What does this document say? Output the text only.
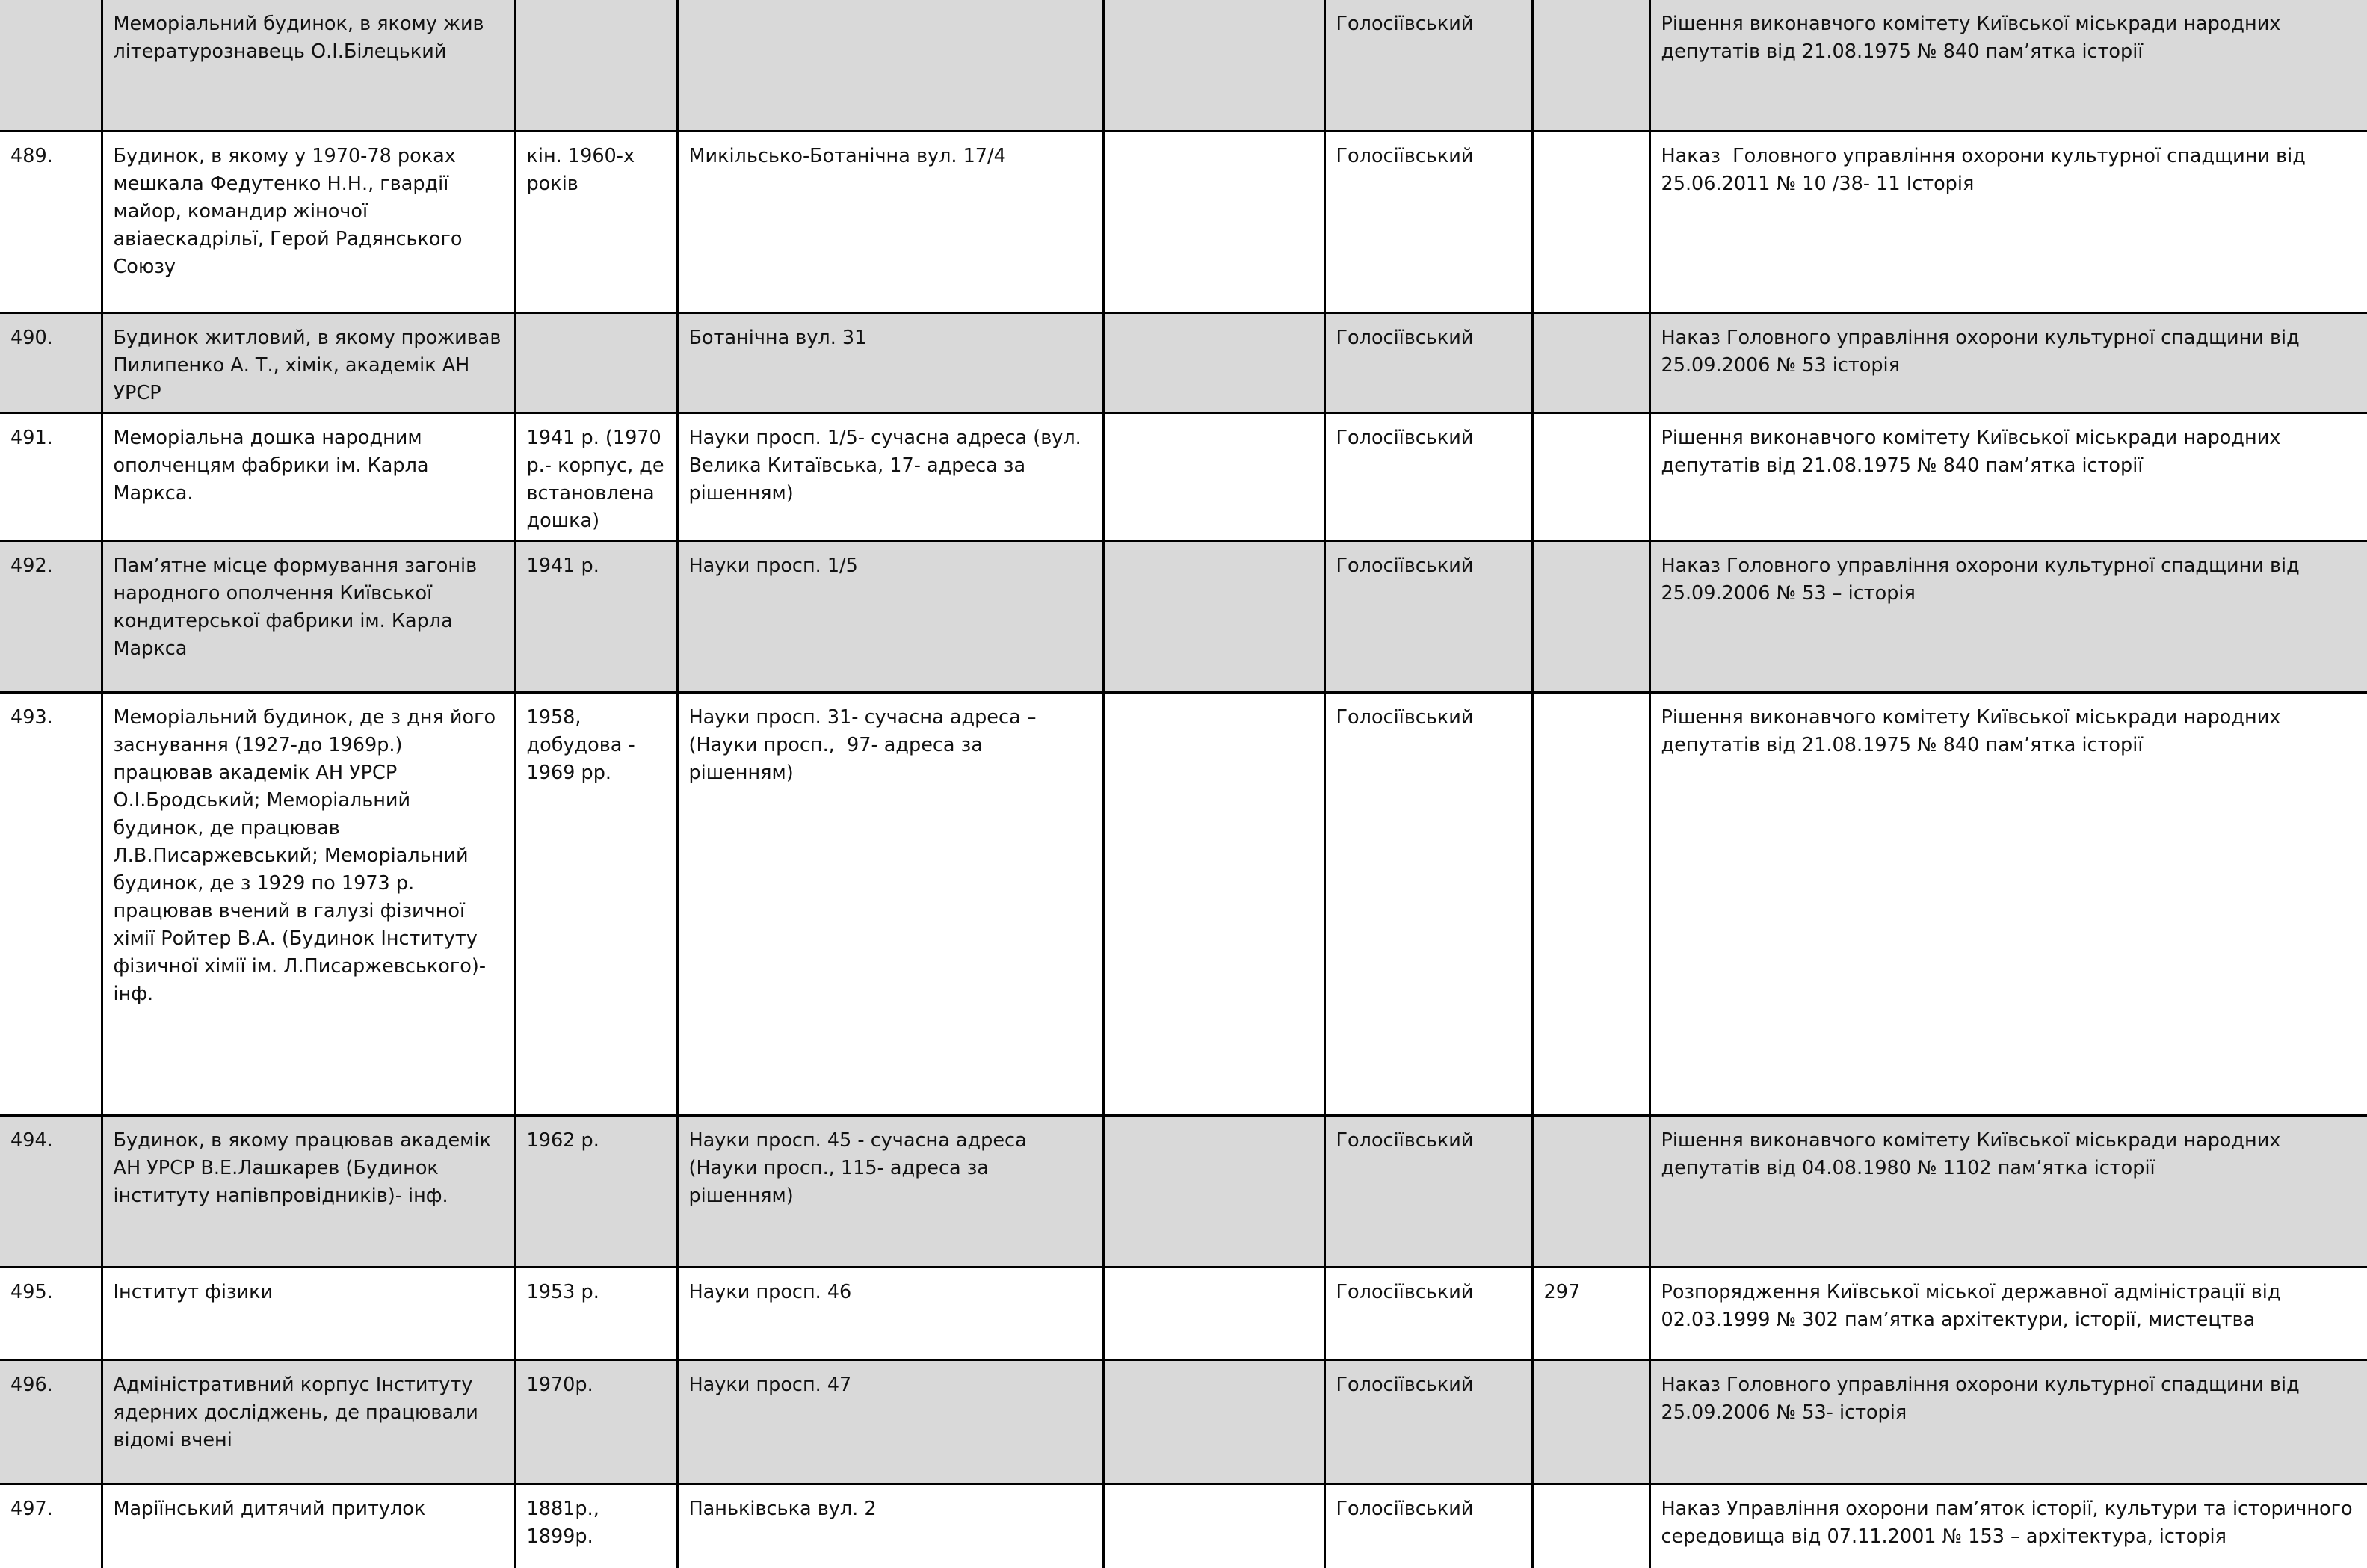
	Меморіальний будинок, в якому жив літературознавець О.І.Білецький				Голосіївський		Рішення виконавчого комітету Київської міськради народних депутатів від 21.08.1975 № 840 пам’ятка історії
489.	Будинок, в якому у 1970-78 роках мешкала Федутенко Н.Н., гвардії майор, командир жіночої авіаескадрільї, Герой Радянського Союзу	кін. 1960-х років	Микільсько-Ботанічна вул. 17/4		Голосіївський		Наказ  Головного управління охорони культурної спадщини від 25.06.2011 № 10 /38- 11 Історія
490.	Будинок житловий, в якому проживав Пилипенко А. Т., хімік, академік АН УРСР		Ботанічна вул. 31		Голосіївський		Наказ Головного управління охорони культурної спадщини від 25.09.2006 № 53 історія
491.	Меморіальна дошка народним ополченцям фабрики ім. Карла Маркса.	1941 р. (1970 р.- корпус, де встановлена дошка)	Науки просп. 1/5- сучасна адреса (вул. Велика Китаївська, 17- адреса за рішенням)		Голосіївський		Рішення виконавчого комітету Київської міськради народних депутатів від 21.08.1975 № 840 пам’ятка історії
492.	Пам’ятне місце формування загонів народного ополчення Київської кондитерської фабрики ім. Карла Маркса	1941 р.	Науки просп. 1/5		Голосіївський		Наказ Головного управління охорони культурної спадщини від 25.09.2006 № 53 – історія
493.	Меморіальний будинок, де з дня його заснування (1927-до 1969р.) працював академік АН УРСР О.І.Бродський; Меморіальний будинок, де працював Л.В.Писаржевський; Меморіальний будинок, де з 1929 по 1973 р. працював вчений в галузі фізичної хімії Ройтер В.А. (Будинок Інституту фізичної хімії ім. Л.Писаржевського)-інф.	1958, добудова - 1969 рр.	Науки просп. 31- сучасна адреса – (Науки просп.,  97- адреса за рішенням)		Голосіївський		Рішення виконавчого комітету Київської міськради народних депутатів від 21.08.1975 № 840 пам’ятка історії
494.	Будинок, в якому працював академік АН УРСР В.Е.Лашкарев (Будинок інституту напівпровідників)- інф.	1962 р.	Науки просп. 45 - сучасна адреса (Науки просп., 115- адреса за рішенням)		Голосіївський		Рішення виконавчого комітету Київської міськради народних депутатів від 04.08.1980 № 1102 пам’ятка історії
495.	Інститут фізики	1953 р.	Науки просп. 46		Голосіївський	297	Розпорядження Київської міської державної адміністрації від 02.03.1999 № 302 пам’ятка архітектури, історії, мистецтва
496.	Адміністративний корпус Інституту ядерних досліджень, де працювали відомі вчені	1970р.	Науки просп. 47		Голосіївський		Наказ Головного управління охорони культурної спадщини від 25.09.2006 № 53- історія
497.	Маріїнський дитячий притулок	1881р., 1899р.	Паньківська вул. 2		Голосіївський		Наказ Управління охорони пам’яток історії, культури та історичного середовища від 07.11.2001 № 153 – архітектура, історія
